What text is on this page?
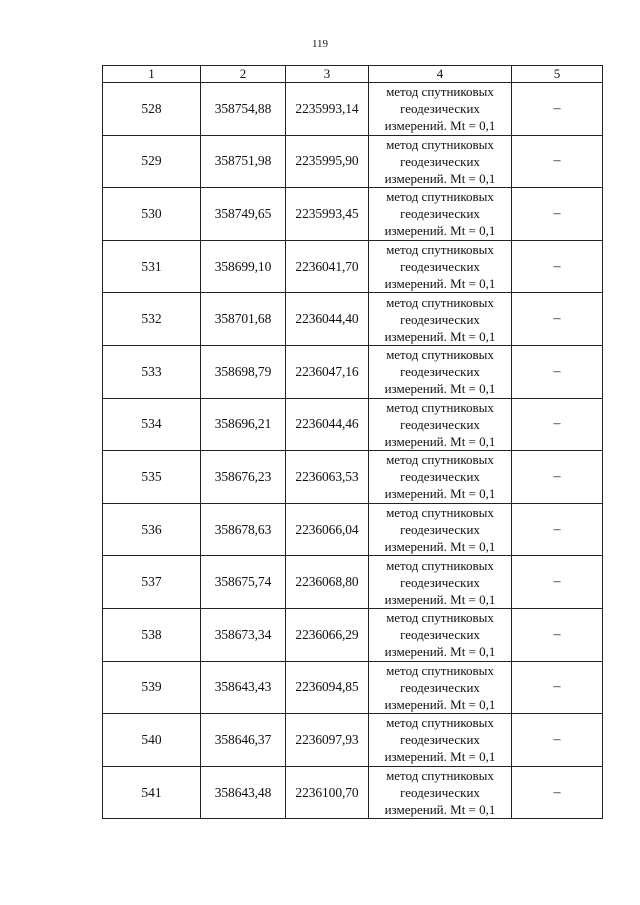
119
1	2	3	4	5
528	358754,88	2235993,14	метод спутниковых
геодезических
измерений. Mt = 0,1	–
529	358751,98	2235995,90	метод спутниковых
геодезических
измерений. Mt = 0,1	–
530	358749,65	2235993,45	метод спутниковых
геодезических
измерений. Mt = 0,1	–
531	358699,10	2236041,70	метод спутниковых
геодезических
измерений. Mt = 0,1	–
532	358701,68	2236044,40	метод спутниковых
геодезических
измерений. Mt = 0,1	–
533	358698,79	2236047,16	метод спутниковых
геодезических
измерений. Mt = 0,1	–
534	358696,21	2236044,46	метод спутниковых
геодезических
измерений. Mt = 0,1	–
535	358676,23	2236063,53	метод спутниковых
геодезических
измерений. Mt = 0,1	–
536	358678,63	2236066,04	метод спутниковых
геодезических
измерений. Mt = 0,1	–
537	358675,74	2236068,80	метод спутниковых
геодезических
измерений. Mt = 0,1	–
538	358673,34	2236066,29	метод спутниковых
геодезических
измерений. Mt = 0,1	–
539	358643,43	2236094,85	метод спутниковых
геодезических
измерений. Mt = 0,1	–
540	358646,37	2236097,93	метод спутниковых
геодезических
измерений. Mt = 0,1	–
541	358643,48	2236100,70	метод спутниковых
геодезических
измерений. Mt = 0,1	–
